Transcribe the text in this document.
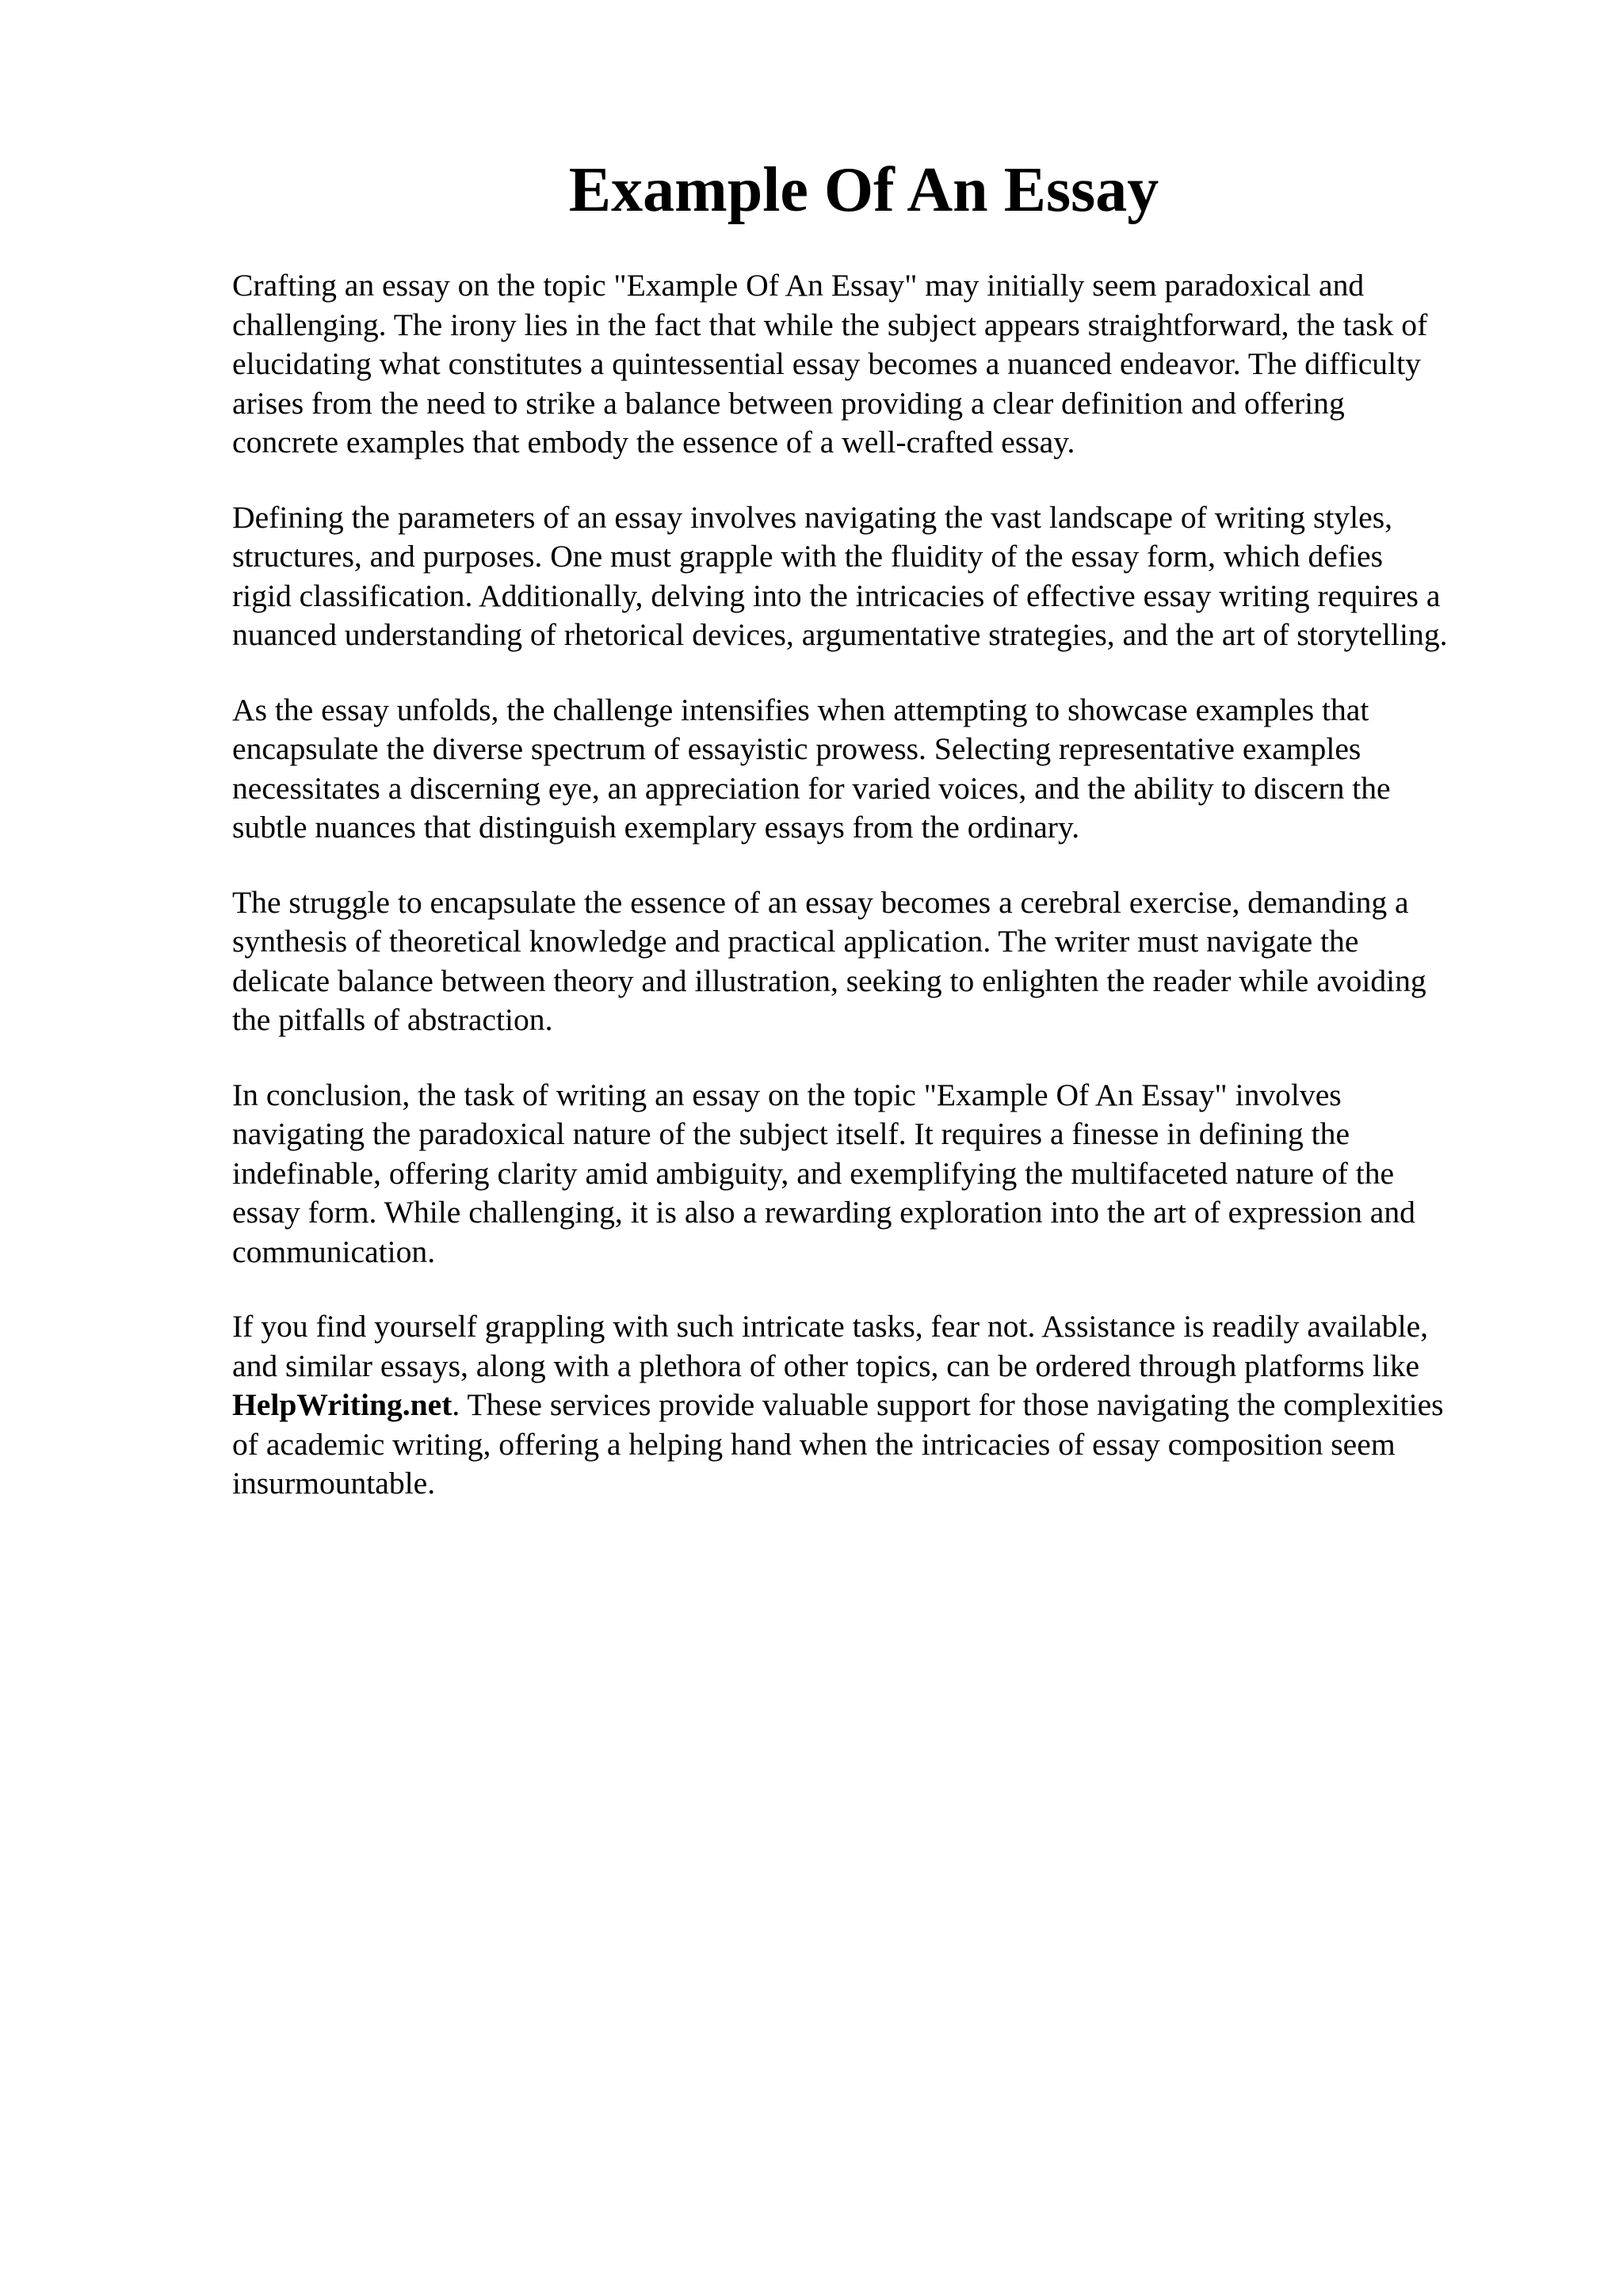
Example Of An Essay

Crafting an essay on the topic "Example Of An Essay" may initially seem paradoxical and
challenging. The irony lies in the fact that while the subject appears straightforward, the task of
elucidating what constitutes a quintessential essay becomes a nuanced endeavor. The difficulty
arises from the need to strike a balance between providing a clear definition and offering
concrete examples that embody the essence of a well-crafted essay.

Defining the parameters of an essay involves navigating the vast landscape of writing styles,
structures, and purposes. One must grapple with the fluidity of the essay form, which defies
rigid classification. Additionally, delving into the intricacies of effective essay writing requires a
nuanced understanding of rhetorical devices, argumentative strategies, and the art of storytelling.

As the essay unfolds, the challenge intensifies when attempting to showcase examples that
encapsulate the diverse spectrum of essayistic prowess. Selecting representative examples
necessitates a discerning eye, an appreciation for varied voices, and the ability to discern the
subtle nuances that distinguish exemplary essays from the ordinary.

The struggle to encapsulate the essence of an essay becomes a cerebral exercise, demanding a
synthesis of theoretical knowledge and practical application. The writer must navigate the
delicate balance between theory and illustration, seeking to enlighten the reader while avoiding
the pitfalls of abstraction.

In conclusion, the task of writing an essay on the topic "Example Of An Essay" involves
navigating the paradoxical nature of the subject itself. It requires a finesse in defining the
indefinable, offering clarity amid ambiguity, and exemplifying the multifaceted nature of the
essay form. While challenging, it is also a rewarding exploration into the art of expression and
communication.

If you find yourself grappling with such intricate tasks, fear not. Assistance is readily available,
and similar essays, along with a plethora of other topics, can be ordered through platforms like
HelpWriting.net. These services provide valuable support for those navigating the complexities
of academic writing, offering a helping hand when the intricacies of essay composition seem
insurmountable.
